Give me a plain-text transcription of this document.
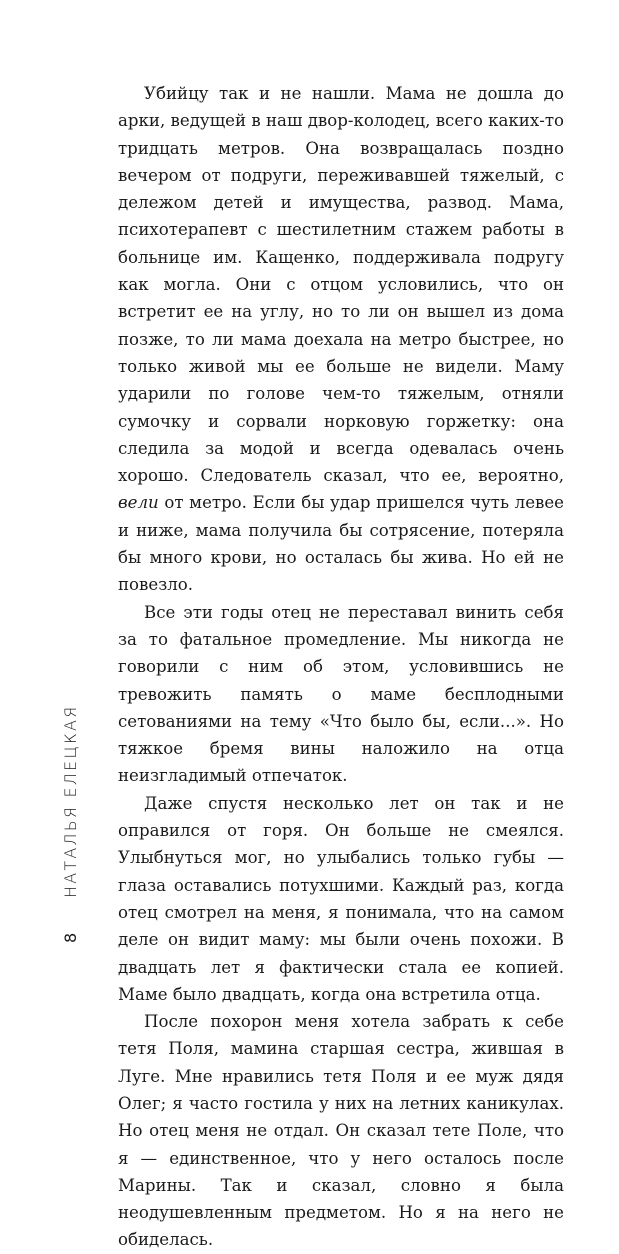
Убийцу так и не нашли. Мама не дошла до арки, ведущей в наш двор-колодец, всего каких-то тридцать метров. Она возвращалась поздно вечером от подруги, переживавшей тяжелый, с дележом детей и имущества, развод. Мама, психотерапевт с шестилетним стажем работы в больнице им. Кащенко, поддерживала подругу как могла. Они с отцом условились, что он встретит ее на углу, но то ли он вышел из дома позже, то ли мама доехала на метро быстрее, но только живой мы ее больше не видели. Маму ударили по голове чем-то тяжелым, отняли сумочку и сорвали норковую горжетку: она следила за модой и всегда одевалась очень хорошо. Следователь сказал, что ее, вероятно, вели от метро. Если бы удар пришелся чуть левее и ниже, мама получила бы сотрясение, потеряла бы много крови, но осталась бы жива. Но ей не повезло.

Все эти годы отец не переставал винить себя за то фатальное промедление. Мы никогда не говорили с ним об этом, условившись не тревожить память о маме бесплодными сетованиями на тему «Что было бы, если...». Но тяжкое бремя вины наложило на отца неизгладимый отпечаток.

Даже спустя несколько лет он так и не оправился от горя. Он больше не смеялся. Улыбнуться мог, но улыбались только губы — глаза оставались потухшими. Каждый раз, когда отец смотрел на меня, я понимала, что на самом деле он видит маму: мы были очень похожи. В двадцать лет я фактически стала ее копией. Маме было двадцать, когда она встретила отца.

После похорон меня хотела забрать к себе тетя Поля, мамина старшая сестра, жившая в Луге. Мне нравились тетя Поля и ее муж дядя Олег; я часто гостила у них на летних каникулах. Но отец меня не отдал. Он сказал тете Поле, что я — единственное, что у него осталось после Марины. Так и сказал, словно я была неодушевленным предметом. Но я на него не обиделась.

НАТАЛЬЯ ЕЛЕЦКАЯ
8
